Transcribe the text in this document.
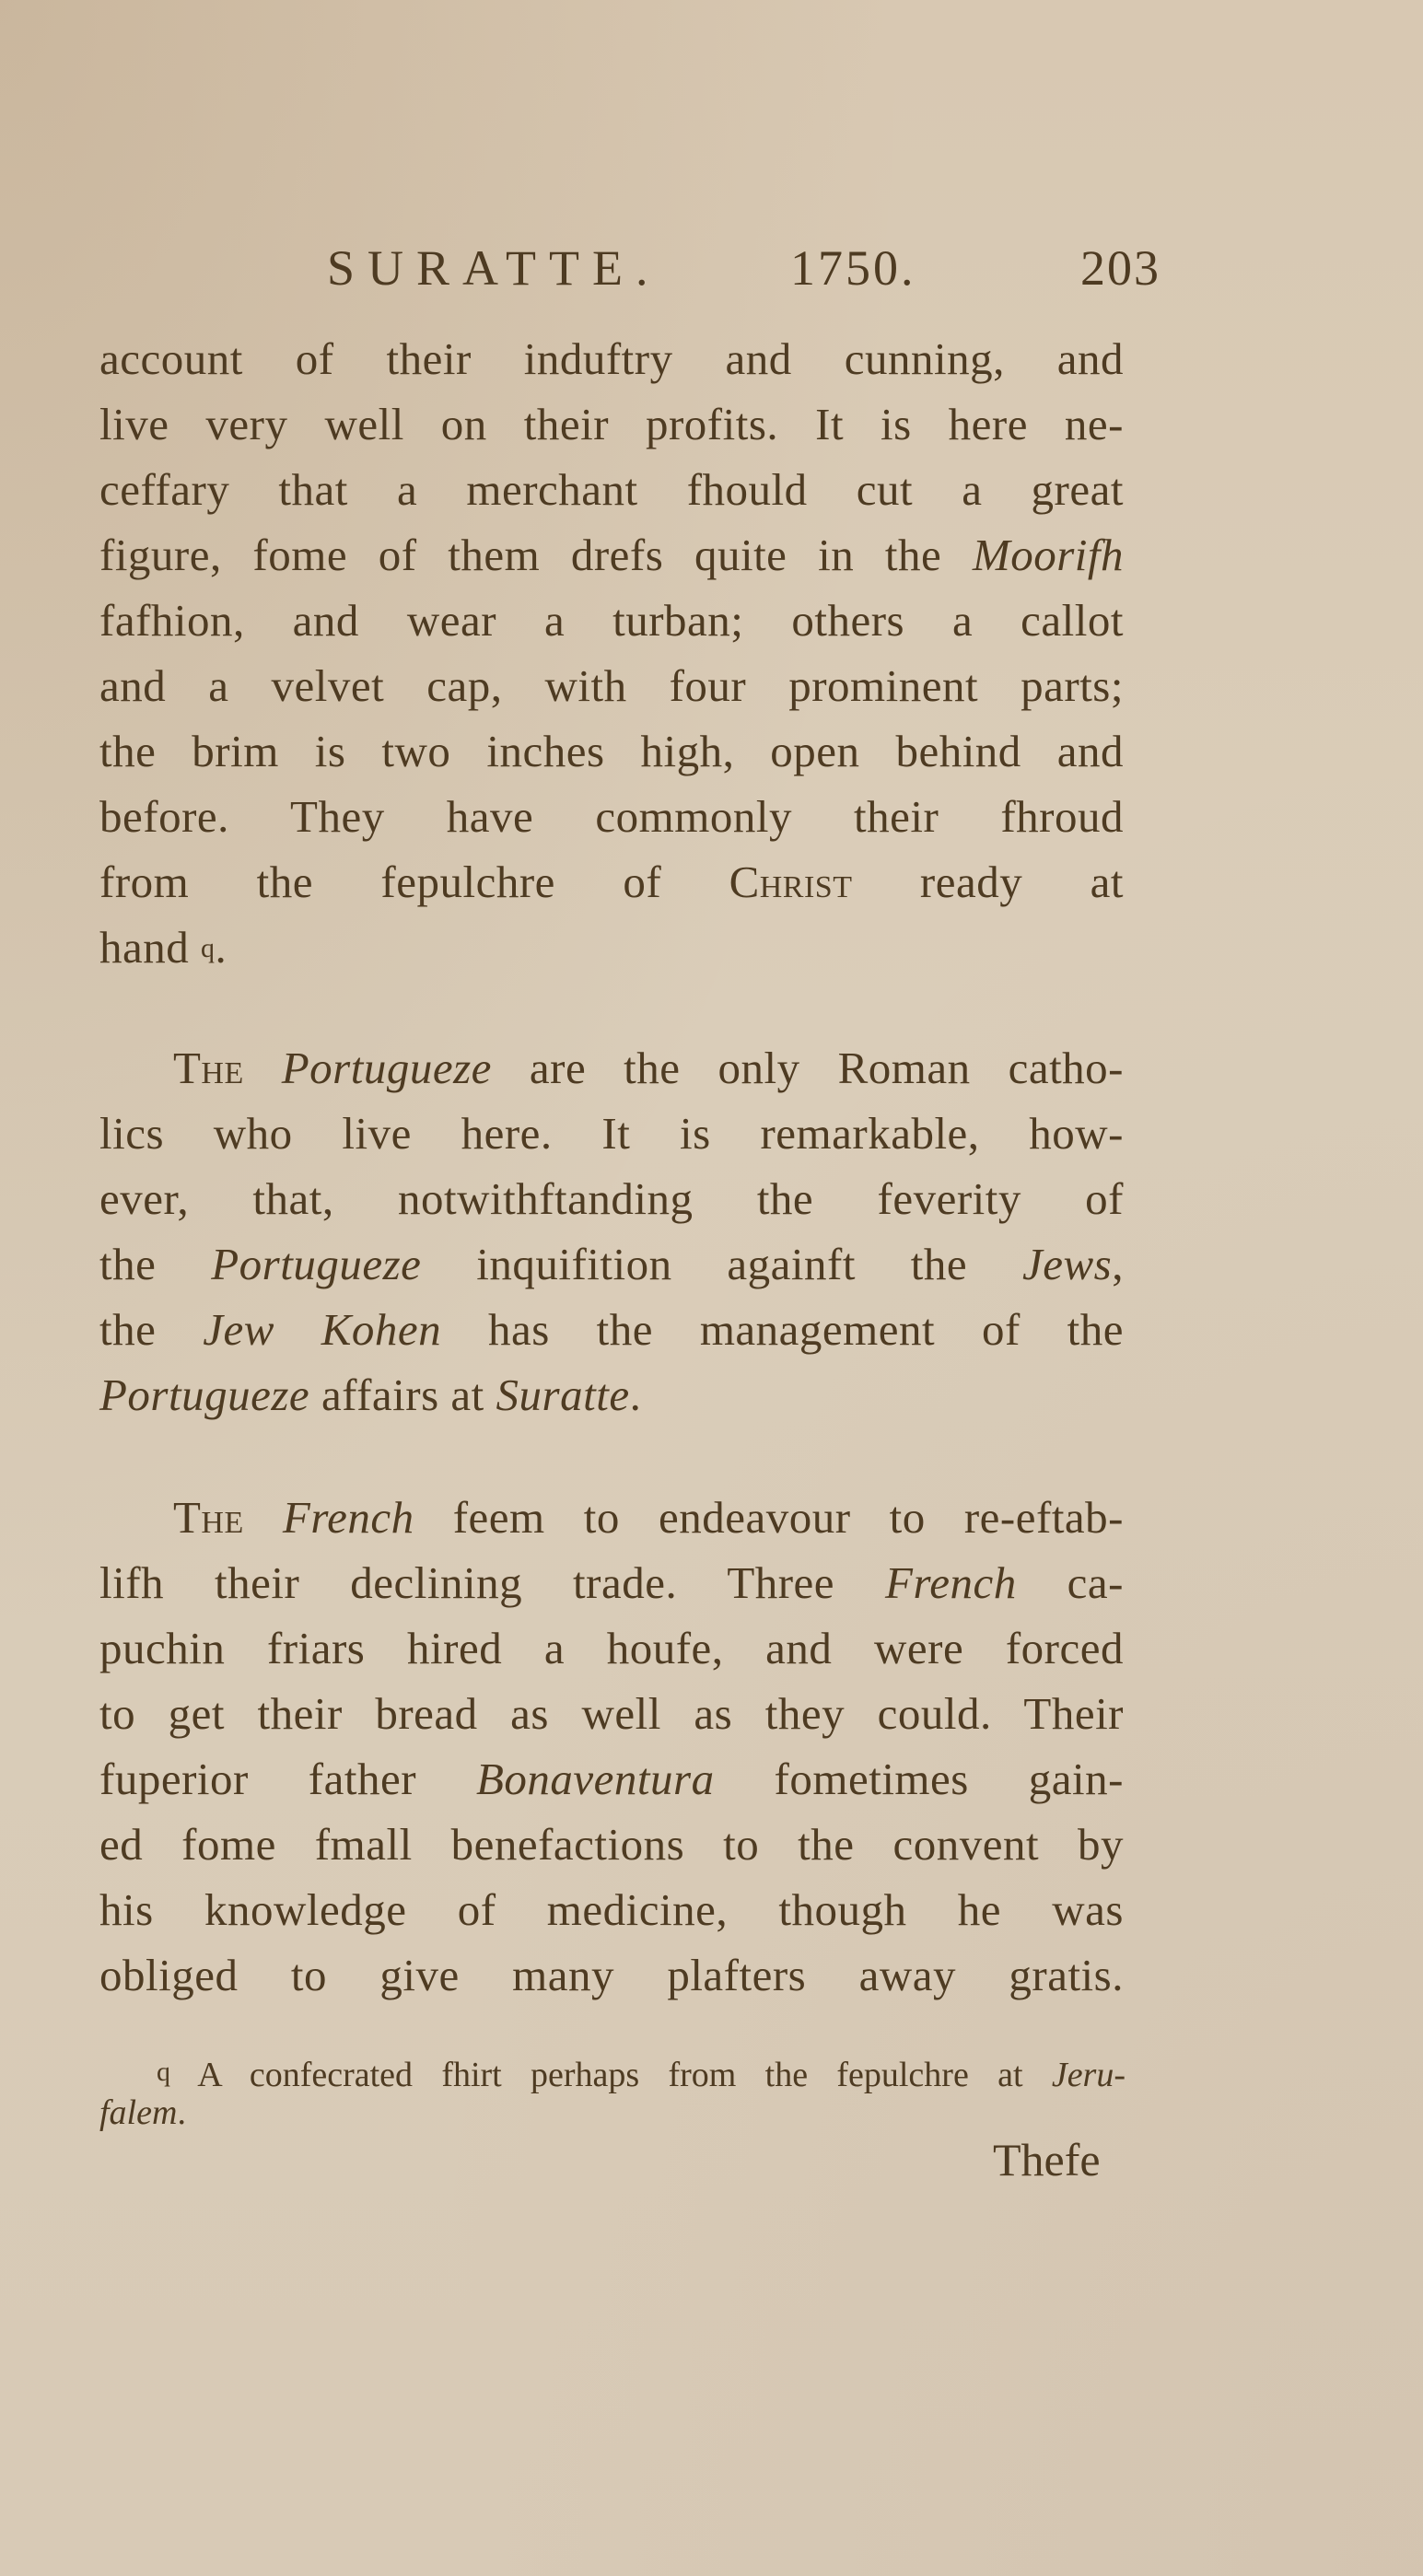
SURATTE.	1750.	203
account of their induftry and cunning, and
live very well on their profits. It is here ne-
ceffary that a merchant fhould cut a great
figure, fome of them drefs quite in the Moorifh
fafhion, and wear a turban; others a callot
and a velvet cap, with four prominent parts;
the brim is two inches high, open behind and
before. They have commonly their fhroud
from the fepulchre of Christ ready at
hand q.
The Portugueze are the only Roman catho-
lics who live here. It is remarkable, how-
ever, that, notwithftanding the feverity of
the Portugueze inquifition againft the Jews,
the Jew Kohen has the management of the
Portugueze affairs at Suratte.
The French feem to endeavour to re-eftab-
lifh their declining trade. Three French ca-
puchin friars hired a houfe, and were forced
to get their bread as well as they could. Their
fuperior father Bonaventura fometimes gain-
ed fome fmall benefactions to the convent by
his knowledge of medicine, though he was
obliged to give many plafters away gratis.
q A confecrated fhirt perhaps from the fepulchre at Jeru-
falem.
Thefe
